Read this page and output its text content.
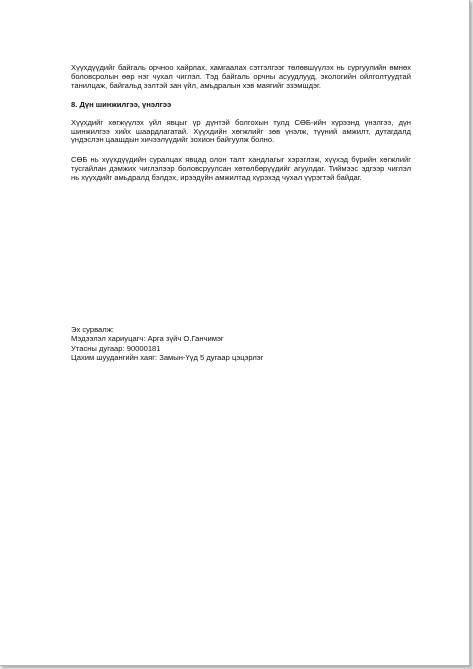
Хүүхдүүдийг байгаль орчноо хайрлах, хамгаалах сэтгэлгээг төлөвшүүлэх нь сургуулийн өмнөх боловсролын өөр нэг чухал чиглэл. Тэд байгаль орчны асуудлууд, экологийн ойлголтуудтай танилцаж, байгальд ээлтэй зан үйл, амьдралын хэв маягийг эзэмшдэг.

8. Дүн шинжилгээ, үнэлгээ

Хүүхдийг хөгжүүлэх үйл явцыг үр дүнтэй болгохын тулд СӨБ-ийн хүрээнд үнэлгээ, дүн шинжилгээ хийх шаардлагатай. Хүүхдийн хөгжлийг зөв үнэлж, түүний амжилт, дутагдалд үндэслэн цаашдын хичээлүүдийг зохион байгуулж болно.

СӨБ нь хүүхдүүдийн суралцах явцад олон талт хандлагыг хэрэглэж, хүүхэд бүрийн хөгжлийг тусгайлан дэмжих чиглэлээр боловсруулсан хөтөлбөрүүдийг агуулдаг. Тиймээс эдгээр чиглэл нь хүүхдийг амьдралд бэлдэх, ирээдүйн амжилтад хүрэхэд чухал үүрэгтэй байдаг.

Эх сурвалж:
Мэдээлэл хариуцагч: Арга зүйч О.Ганчимэг
Утасны дугаар: 90000181
Цахим шуудангийн хаяг: Замын-Үүд 5 дугаар цэцэрлэг
